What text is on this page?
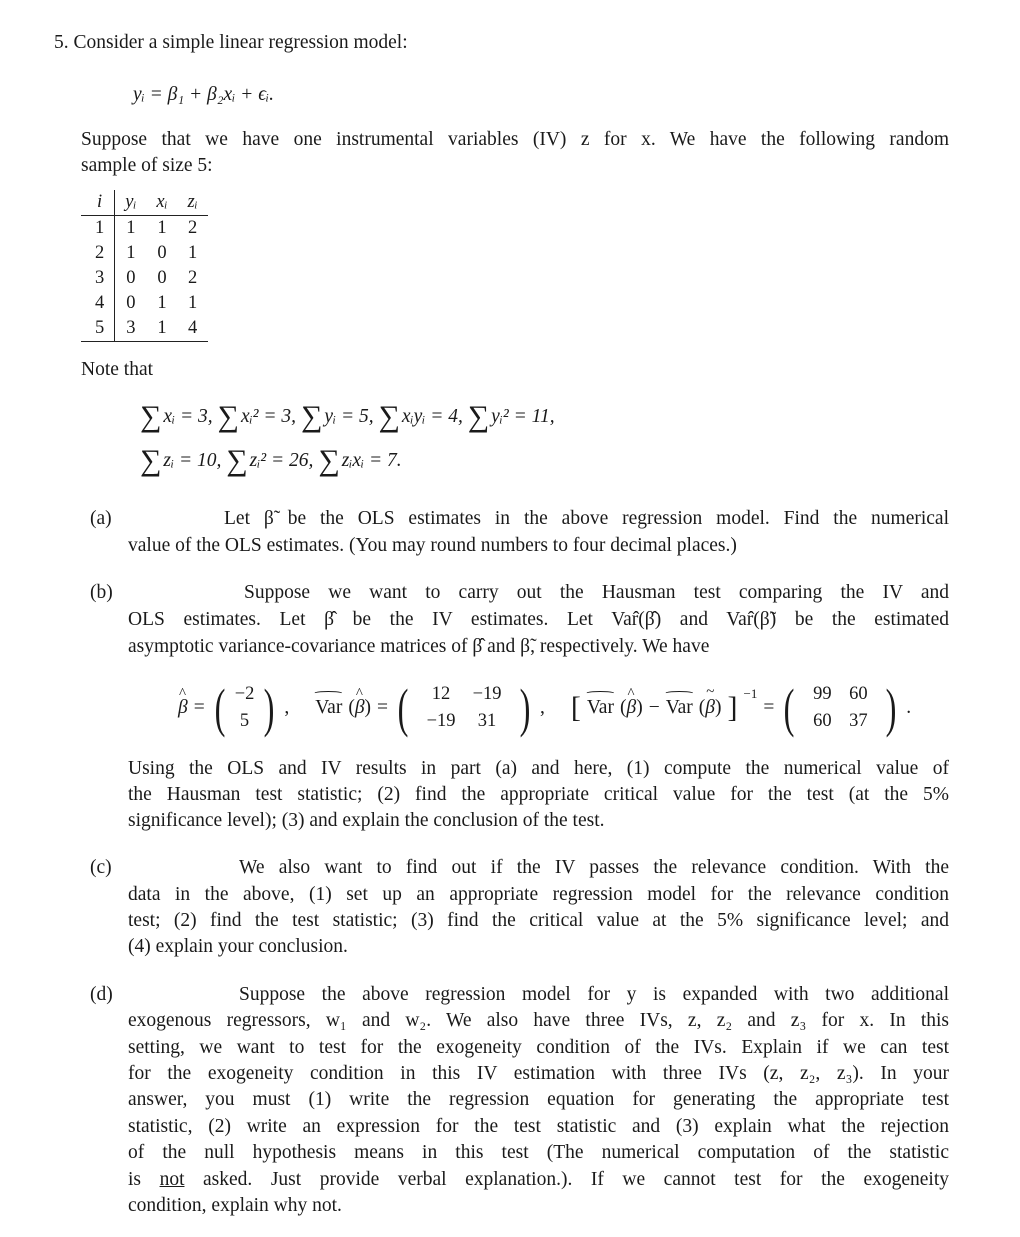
5. Consider a simple linear regression model:
yᵢ = β₁ + β₂xᵢ + ϵᵢ.
Suppose that we have one instrumental variables (IV) z for x. We have the following random
sample of size 5:
i	yᵢ	xᵢ	zᵢ
1	1	1	2
2	1	0	1
3	0	0	2
4	0	1	1
5	3	1	4
Note that
∑ xᵢ = 3, ∑ xᵢ² = 3, ∑ yᵢ = 5, ∑ xᵢyᵢ = 4, ∑ yᵢ² = 11,
∑ zᵢ = 10, ∑ zᵢ² = 26, ∑ zᵢxᵢ = 7.
(a)	Let β̃ be the OLS estimates in the above regression model. Find the numerical
value of the OLS estimates. (You may round numbers to four decimal places.)
(b)	Suppose we want to carry out the Hausman test comparing the IV and
OLS estimates. Let β̂ be the IV estimates. Let Var̂(β̂) and Var̂(β̃) be the estimated
asymptotic variance-covariance matrices of β̂ and β̃, respectively. We have
^ β = ( −2
5 ) , ⌢ Var (^ β) = (	12	−19
−19	31 ) , [ ⌢ Var (^ β) − ⌢ Var (~ β) ] $^{-1}$
= ( 99 60
60 37 ) .
Using the OLS and IV results in part (a) and here, (1) compute the numerical value of
the Hausman test statistic; (2) find the appropriate critical value for the test (at the 5%
significance level); (3) and explain the conclusion of the test.
(c)	We also want to find out if the IV passes the relevance condition. With the
data in the above, (1) set up an appropriate regression model for the relevance condition
test; (2) find the test statistic; (3) find the critical value at the 5% significance level; and
(4) explain your conclusion.
(d)	Suppose the above regression model for y is expanded with two additional
exogenous regressors, w₁ and w₂. We also have three IVs, z, z₂ and z₃ for x. In this
setting, we want to test for the exogeneity condition of the IVs. Explain if we can test
for the exogeneity condition in this IV estimation with three IVs (z, z₂, z₃). In your
answer, you must (1) write the regression equation for generating the appropriate test
statistic, (2) write an expression for the test statistic and (3) explain what the rejection
of the null hypothesis means in this test (The numerical computation of the statistic
is not asked. Just provide verbal explanation.). If we cannot test for the exogeneity
condition, explain why not.
